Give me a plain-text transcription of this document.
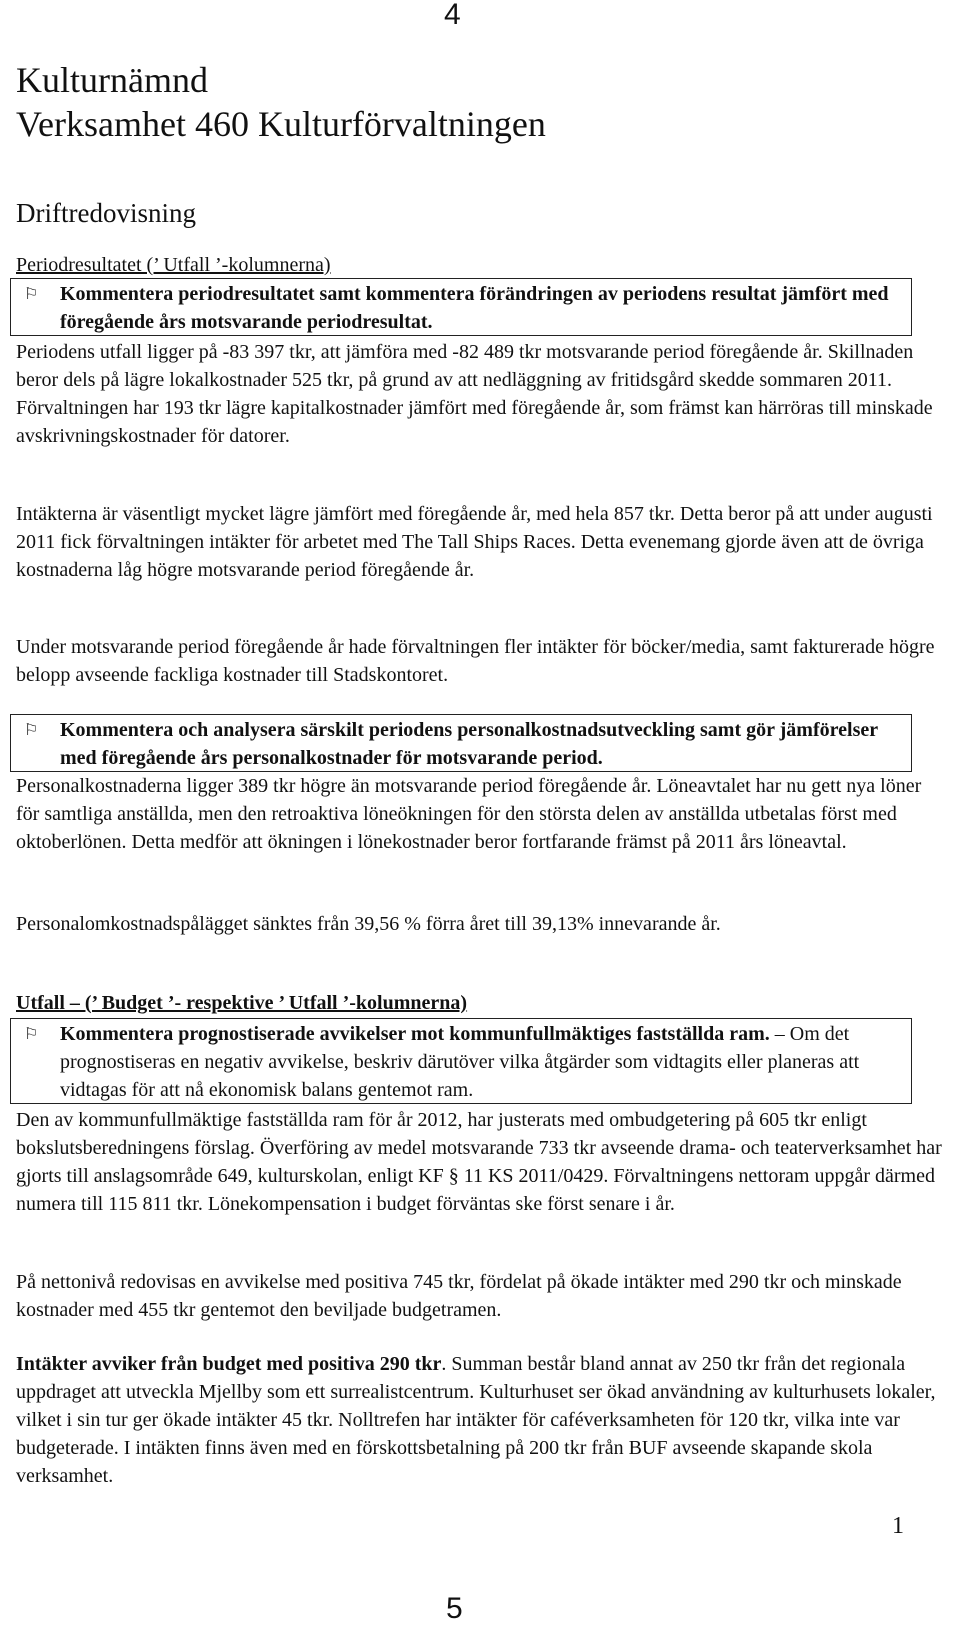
4
Kulturnämnd
Verksamhet 460 Kulturförvaltningen
Driftredovisning
Periodresultatet (’ Utfall ’-kolumnerna)
⚐ Kommentera periodresultatet samt kommentera förändringen av periodens resultat jämfört med föregående års motsvarande periodresultat.
Periodens utfall ligger på -83 397 tkr, att jämföra med -82 489 tkr motsvarande period föregående år. Skillnaden beror dels på lägre lokalkostnader 525 tkr, på grund av att nedläggning av fritidsgård skedde sommaren 2011. Förvaltningen har 193 tkr lägre kapitalkostnader jämfört med föregående år, som främst kan härröras till minskade avskrivningskostnader för datorer.
Intäkterna är väsentligt mycket lägre jämfört med föregående år, med hela 857 tkr. Detta beror på att under augusti 2011 fick förvaltningen intäkter för arbetet med The Tall Ships Races. Detta evenemang gjorde även att de övriga kostnaderna låg högre motsvarande period föregående år.
Under motsvarande period föregående år hade förvaltningen fler intäkter för böcker/media, samt fakturerade högre belopp avseende fackliga kostnader till Stadskontoret.
⚐ Kommentera och analysera särskilt periodens personalkostnadsutveckling samt gör jämförelser med föregående års personalkostnader för motsvarande period.
Personalkostnaderna ligger 389 tkr högre än motsvarande period föregående år. Löneavtalet har nu gett nya löner för samtliga anställda, men den retroaktiva löneökningen för den största delen av anställda utbetalas först med oktoberlönen. Detta medför att ökningen i lönekostnader beror fortfarande främst på 2011 års löneavtal.
Personalomkostnadspålägget sänktes från 39,56 % förra året till 39,13% innevarande år.
Utfall – (’ Budget ’- respektive ’ Utfall ’-kolumnerna)
⚐ Kommentera prognostiserade avvikelser mot kommunfullmäktiges fastställda ram. – Om det prognostiseras en negativ avvikelse, beskriv därutöver vilka åtgärder som vidtagits eller planeras att vidtagas för att nå ekonomisk balans gentemot ram.
Den av kommunfullmäktige fastställda ram för år 2012, har justerats med ombudgetering på 605 tkr enligt bokslutsberedningens förslag. Överföring av medel motsvarande 733 tkr avseende drama- och teaterverksamhet har gjorts till anslagsområde 649, kulturskolan, enligt KF § 11 KS 2011/0429. Förvaltningens nettoram uppgår därmed numera till 115 811 tkr. Lönekompensation i budget förväntas ske först senare i år.
På nettonivå redovisas en avvikelse med positiva 745 tkr, fördelat på ökade intäkter med 290 tkr och minskade kostnader med 455 tkr gentemot den beviljade budgetramen.
Intäkter avviker från budget med positiva 290 tkr. Summan består bland annat av 250 tkr från det regionala uppdraget att utveckla Mjellby som ett surrealistcentrum. Kulturhuset ser ökad användning av kulturhusets lokaler, vilket i sin tur ger ökade intäkter 45 tkr. Nolltrefen har intäkter för caféverksamheten för 120 tkr, vilka inte var budgeterade. I intäkten finns även med en förskottsbetalning på 200 tkr från BUF avseende skapande skola verksamhet.
1
5
